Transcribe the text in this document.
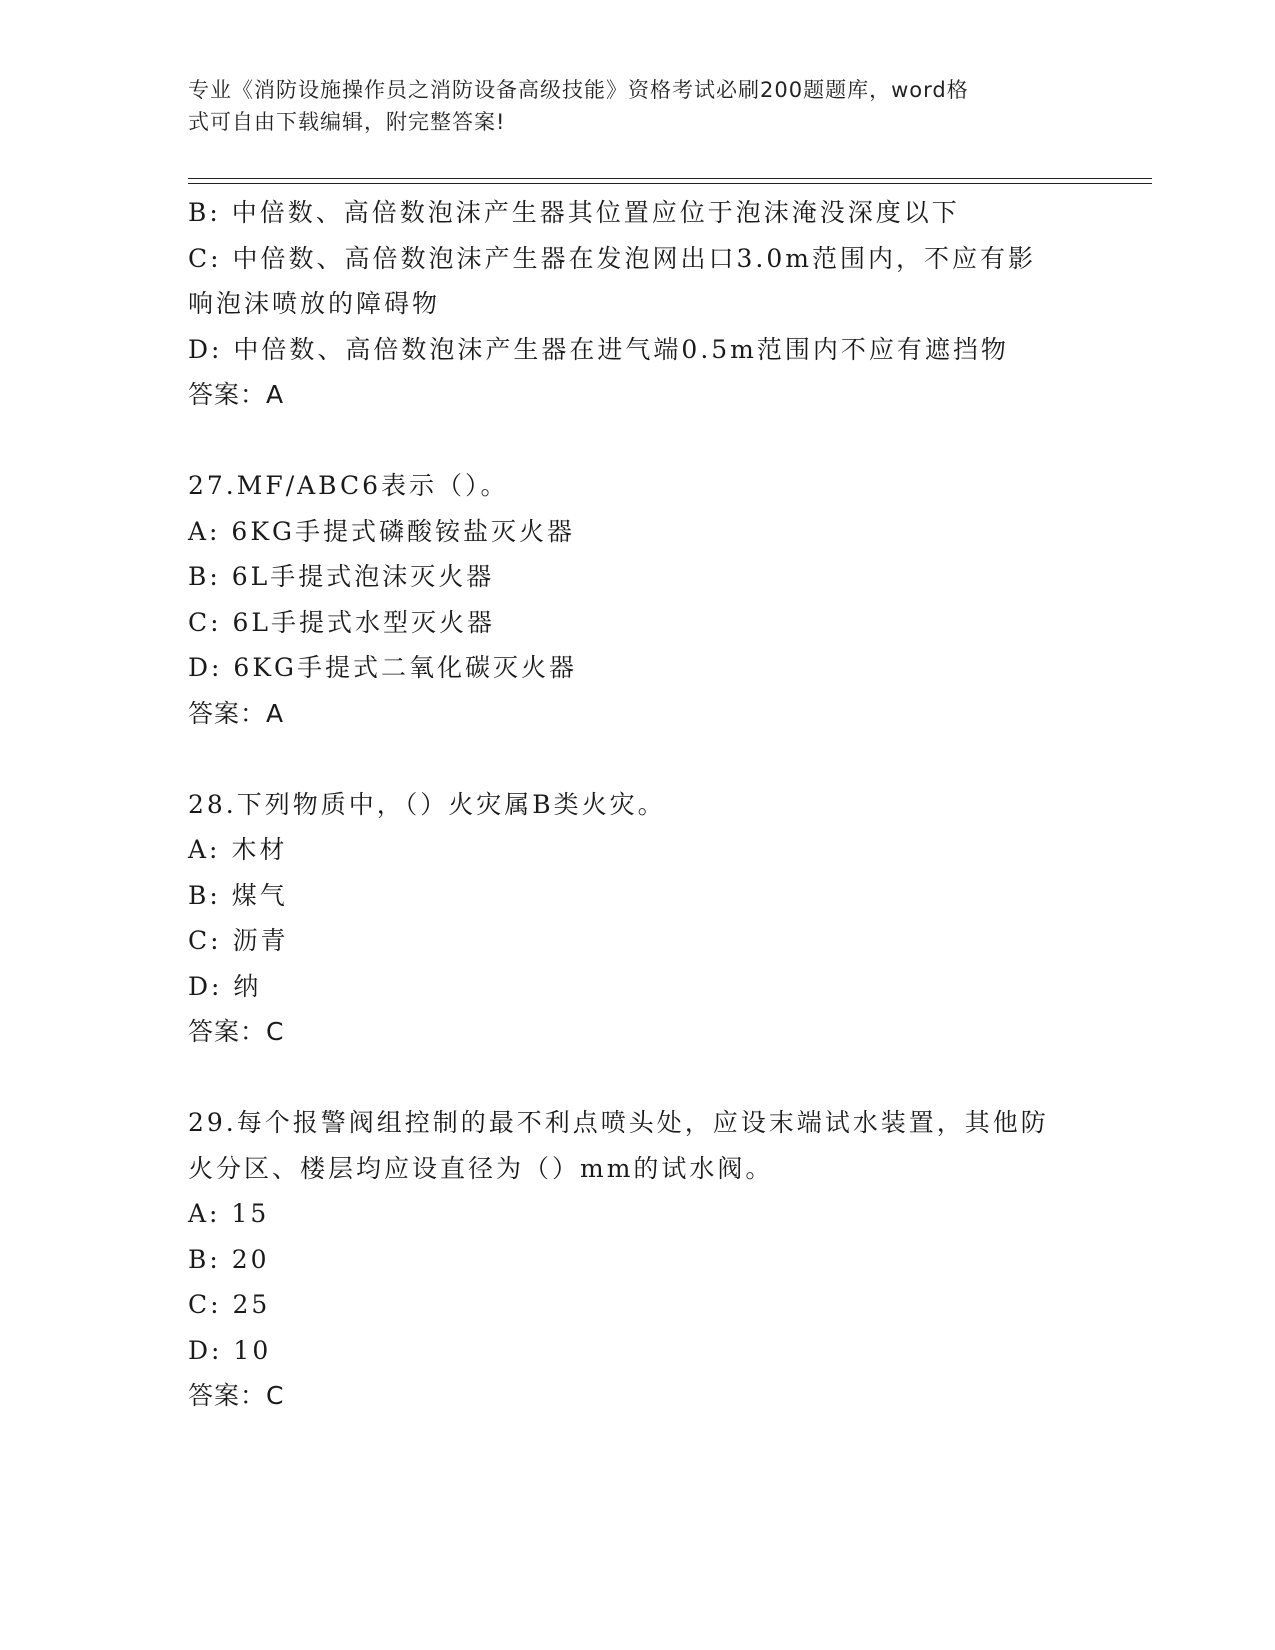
专业《消防设施操作员之消防设备高级技能》资格考试必刷200题题库，word格
式可自由下载编辑，附完整答案!
B: 中倍数、高倍数泡沫产生器其位置应位于泡沫淹没深度以下
C: 中倍数、高倍数泡沫产生器在发泡网出口3.0m范围内，不应有影
响泡沫喷放的障碍物
D: 中倍数、高倍数泡沫产生器在进气端0.5m范围内不应有遮挡物
答案：A
27.MF/ABC6表示（）。
A: 6KG手提式磷酸铵盐灭火器
B: 6L手提式泡沫灭火器
C: 6L手提式水型灭火器
D: 6KG手提式二氧化碳灭火器
答案：A
28.下列物质中，（）火灾属B类火灾。
A: 木材
B: 煤气
C: 沥青
D: 纳
答案：C
29.每个报警阀组控制的最不利点喷头处，应设末端试水装置，其他防
火分区、楼层均应设直径为（）mm的试水阀。
A: 15
B: 20
C: 25
D: 10
答案：C
